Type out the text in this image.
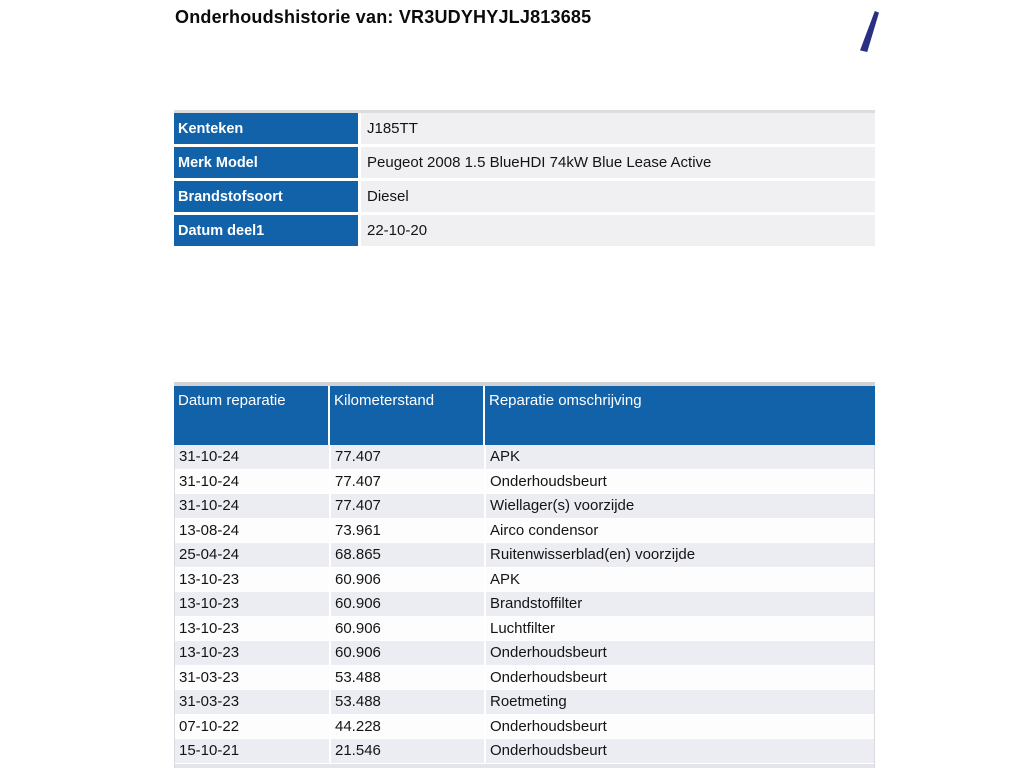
Onderhoudshistorie van: VR3UDYHYJLJ813685
Kenteken	J185TT
Merk Model	Peugeot 2008 1.5 BlueHDI 74kW Blue Lease Active
Brandstofsoort	Diesel
Datum deel1	22-10-20
Datum reparatie	Kilometerstand	Reparatie omschrijving
31-10-24	77.407	APK
31-10-24	77.407	Onderhoudsbeurt
31-10-24	77.407	Wiellager(s) voorzijde
13-08-24	73.961	Airco condensor
25-04-24	68.865	Ruitenwisserblad(en) voorzijde
13-10-23	60.906	APK
13-10-23	60.906	Brandstoffilter
13-10-23	60.906	Luchtfilter
13-10-23	60.906	Onderhoudsbeurt
31-03-23	53.488	Onderhoudsbeurt
31-03-23	53.488	Roetmeting
07-10-22	44.228	Onderhoudsbeurt
15-10-21	21.546	Onderhoudsbeurt
